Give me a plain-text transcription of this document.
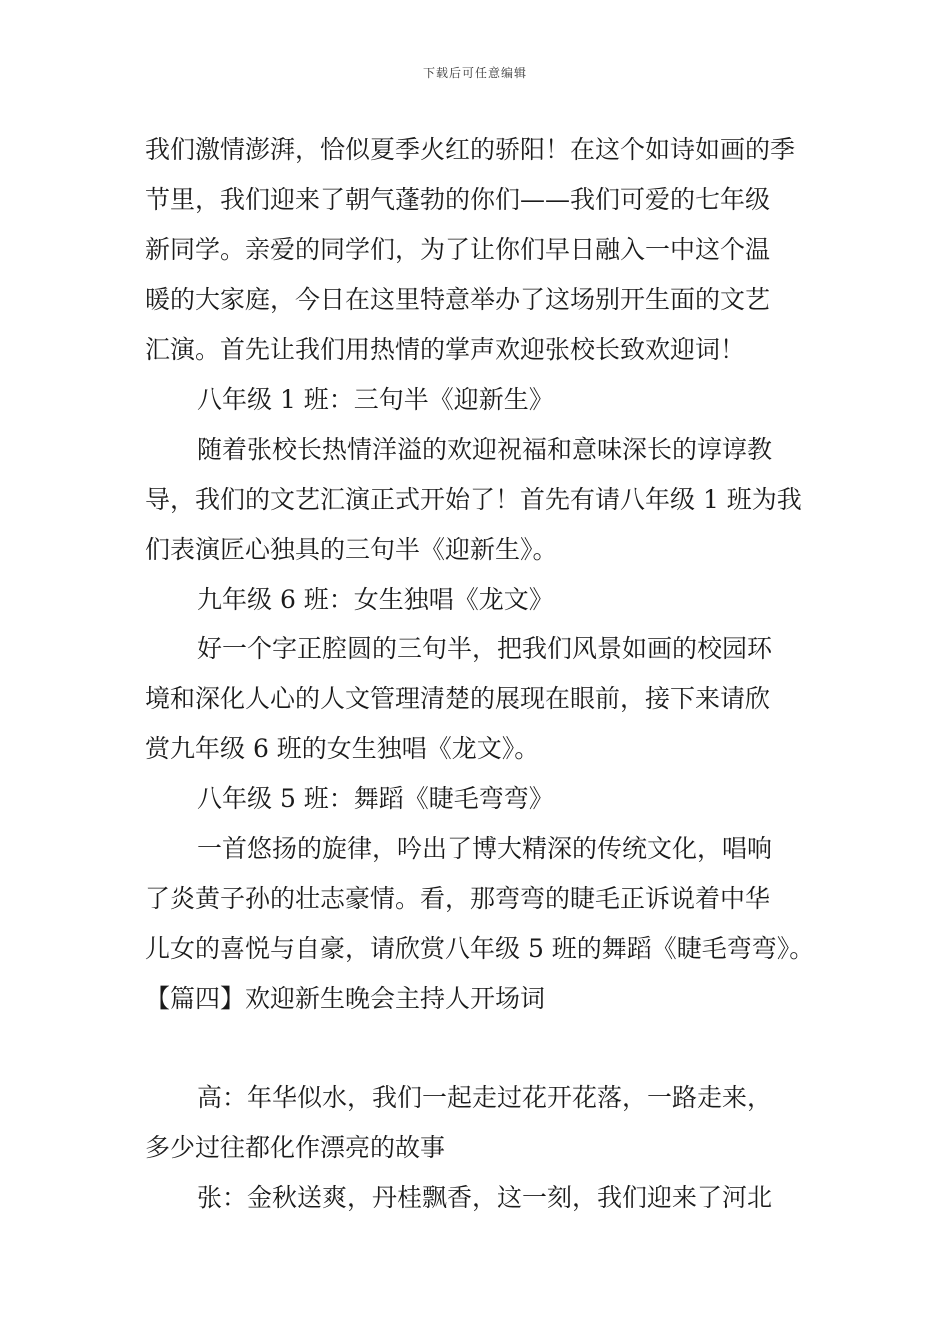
下载后可任意编辑
我们激情澎湃，恰似夏季火红的骄阳！在这个如诗如画的季
节里，我们迎来了朝气蓬勃的你们——我们可爱的七年级
新同学。亲爱的同学们，为了让你们早日融入一中这个温
暖的大家庭，今日在这里特意举办了这场别开生面的文艺
汇演。首先让我们用热情的掌声欢迎张校长致欢迎词！
八年级 1 班：三句半《迎新生》
随着张校长热情洋溢的欢迎祝福和意味深长的谆谆教
导，我们的文艺汇演正式开始了！首先有请八年级 1 班为我
们表演匠心独具的三句半《迎新生》。
九年级 6 班：女生独唱《龙文》
好一个字正腔圆的三句半，把我们风景如画的校园环
境和深化人心的人文管理清楚的展现在眼前，接下来请欣
赏九年级 6 班的女生独唱《龙文》。
八年级 5 班：舞蹈《睫毛弯弯》
一首悠扬的旋律，吟出了博大精深的传统文化，唱响
了炎黄子孙的壮志豪情。看，那弯弯的睫毛正诉说着中华
儿女的喜悦与自豪，请欣赏八年级 5 班的舞蹈《睫毛弯弯》。
【篇四】欢迎新生晚会主持人开场词
高：年华似水，我们一起走过花开花落，一路走来，
多少过往都化作漂亮的故事
张：金秋送爽，丹桂飘香，这一刻，我们迎来了河北
